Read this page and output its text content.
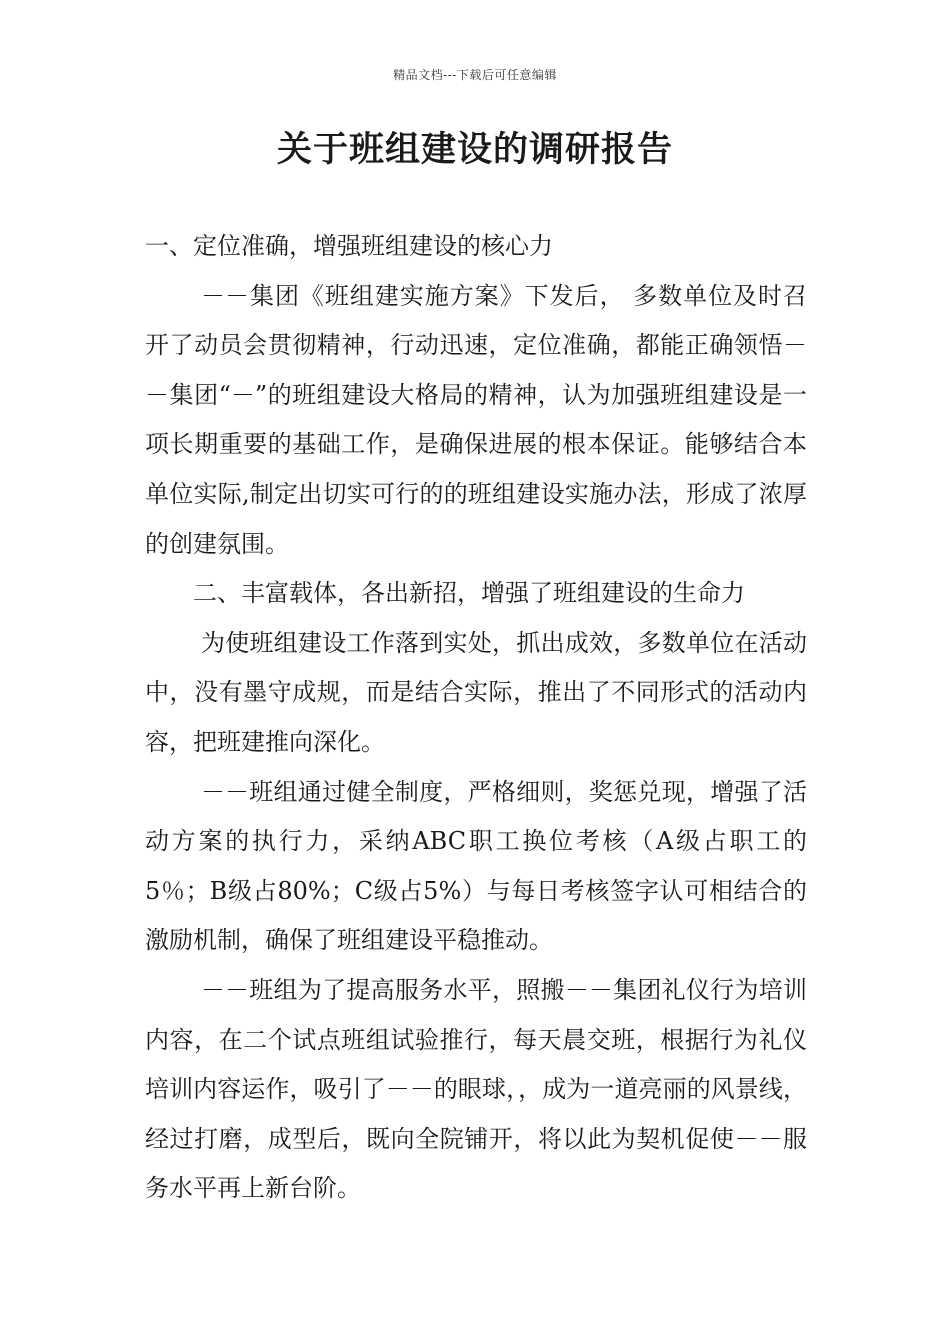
精品文档---下载后可任意编辑
关于班组建设的调研报告

一、定位准确，增强班组建设的核心力

－－集团《班组建实施方案》下发后， 多数单位及时召开了动员会贯彻精神，行动迅速，定位准确，都能正确领悟－－集团“－”的班组建设大格局的精神，认为加强班组建设是一项长期重要的基础工作，是确保进展的根本保证。能够结合本单位实际,制定出切实可行的的班组建设实施办法，形成了浓厚的创建氛围。

二、丰富载体，各出新招，增强了班组建设的生命力

为使班组建设工作落到实处，抓出成效，多数单位在活动中，没有墨守成规，而是结合实际，推出了不同形式的活动内容，把班建推向深化。

－－班组通过健全制度，严格细则，奖惩兑现，增强了活动方案的执行力，采纳ABC职工换位考核（A级占职工的5％；B级占80%；C级占5%）与每日考核签字认可相结合的激励机制，确保了班组建设平稳推动。

－－班组为了提高服务水平，照搬－－集团礼仪行为培训内容，在二个试点班组试验推行，每天晨交班，根据行为礼仪培训内容运作，吸引了－－的眼球，，成为一道亮丽的风景线，经过打磨，成型后，既向全院铺开，将以此为契机促使－－服务水平再上新台阶。
